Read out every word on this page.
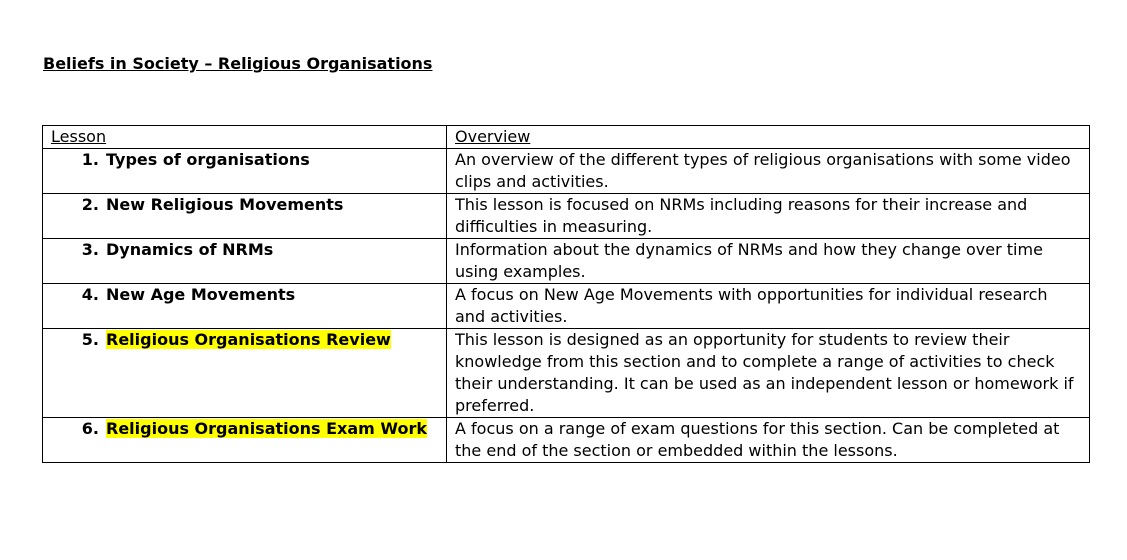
Beliefs in Society – Religious Organisations
Lesson	Overview
1. Types of organisations	An overview of the different types of religious organisations with some video clips and activities.

2. New Religious Movements	This lesson is focused on NRMs including reasons for their increase and difficulties in measuring.

3. Dynamics of NRMs	Information about the dynamics of NRMs and how they change over time using examples.

4. New Age Movements	A focus on New Age Movements with opportunities for individual research and activities.

5. Religious Organisations Review	This lesson is designed as an opportunity for students to review their knowledge from this section and to complete a range of activities to check their understanding. It can be used as an independent lesson or homework if preferred.

6. Religious Organisations Exam Work	A focus on a range of exam questions for this section. Can be completed at the end of the section or embedded within the lessons.
